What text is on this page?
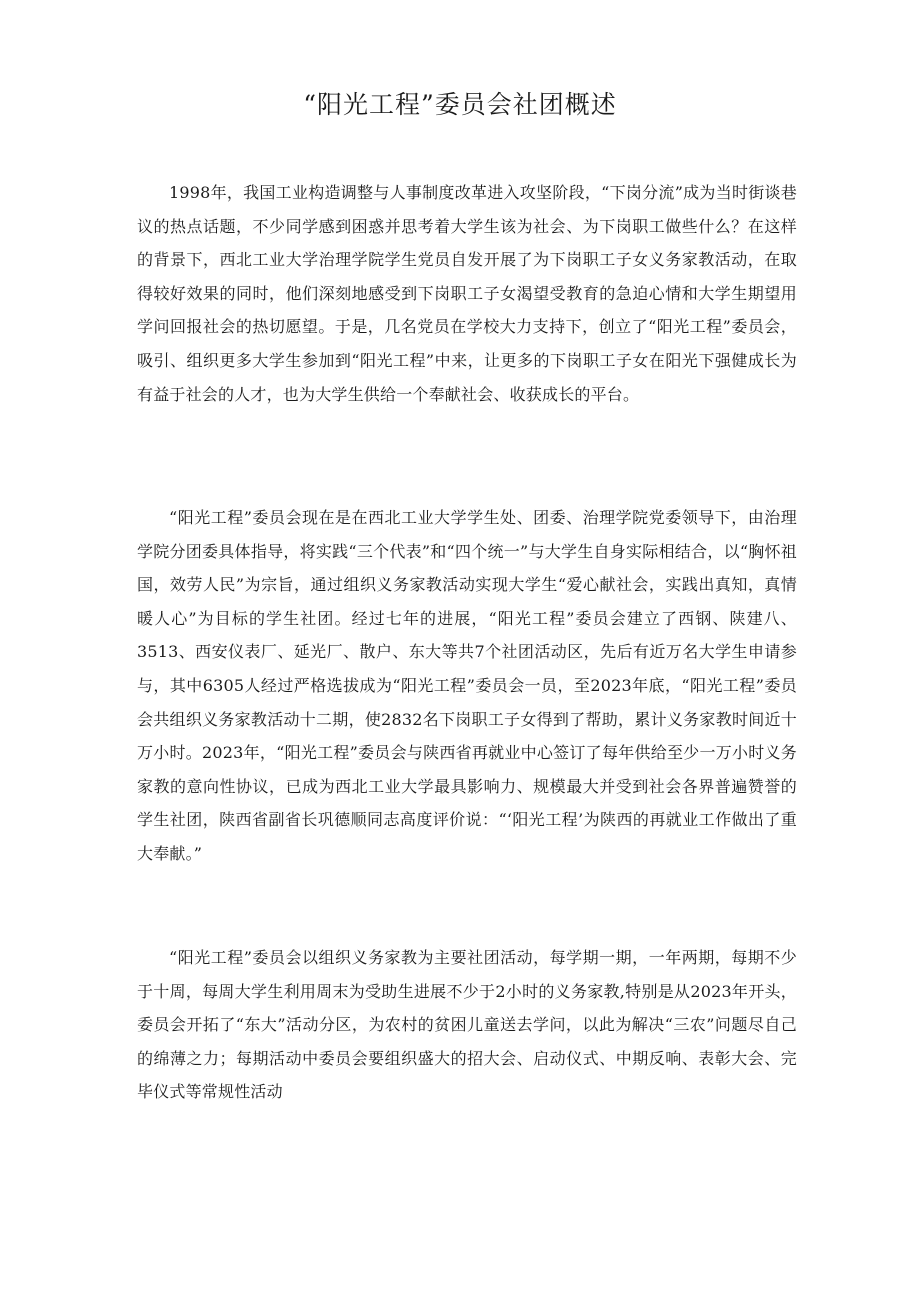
“阳光工程”委员会社团概述

1998年，我国工业构造调整与人事制度改革进入攻坚阶段，“下岗分流”成为当时街谈巷议的热点话题，不少同学感到困惑并思考着大学生该为社会、为下岗职工做些什么？在这样的背景下，西北工业大学治理学院学生党员自发开展了为下岗职工子女义务家教活动，在取得较好效果的同时，他们深刻地感受到下岗职工子女渴望受教育的急迫心情和大学生期望用学问回报社会的热切愿望。于是，几名党员在学校大力支持下，创立了“阳光工程”委员会，吸引、组织更多大学生参加到“阳光工程”中来，让更多的下岗职工子女在阳光下强健成长为有益于社会的人才，也为大学生供给一个奉献社会、收获成长的平台。

“阳光工程”委员会现在是在西北工业大学学生处、团委、治理学院党委领导下，由治理学院分团委具体指导，将实践“三个代表”和“四个统一”与大学生自身实际相结合，以“胸怀祖国，效劳人民”为宗旨，通过组织义务家教活动实现大学生“爱心献社会，实践出真知，真情暖人心”为目标的学生社团。经过七年的进展，“阳光工程”委员会建立了西钢、陕建八、3513、西安仪表厂、延光厂、散户、东大等共7个社团活动区，先后有近万名大学生申请参与，其中6305人经过严格选拔成为“阳光工程”委员会一员，至2023年底，“阳光工程”委员会共组织义务家教活动十二期，使2832名下岗职工子女得到了帮助，累计义务家教时间近十万小时。2023年，“阳光工程”委员会与陕西省再就业中心签订了每年供给至少一万小时义务家教的意向性协议，已成为西北工业大学最具影响力、规模最大并受到社会各界普遍赞誉的学生社团，陕西省副省长巩德顺同志高度评价说：“‘阳光工程’为陕西的再就业工作做出了重大奉献。”

“阳光工程”委员会以组织义务家教为主要社团活动，每学期一期，一年两期，每期不少于十周，每周大学生利用周末为受助生进展不少于2小时的义务家教,特别是从2023年开头，委员会开拓了“东大”活动分区，为农村的贫困儿童送去学问，以此为解决“三农”问题尽自己的绵薄之力；每期活动中委员会要组织盛大的招大会、启动仪式、中期反响、表彰大会、完毕仪式等常规性活动
